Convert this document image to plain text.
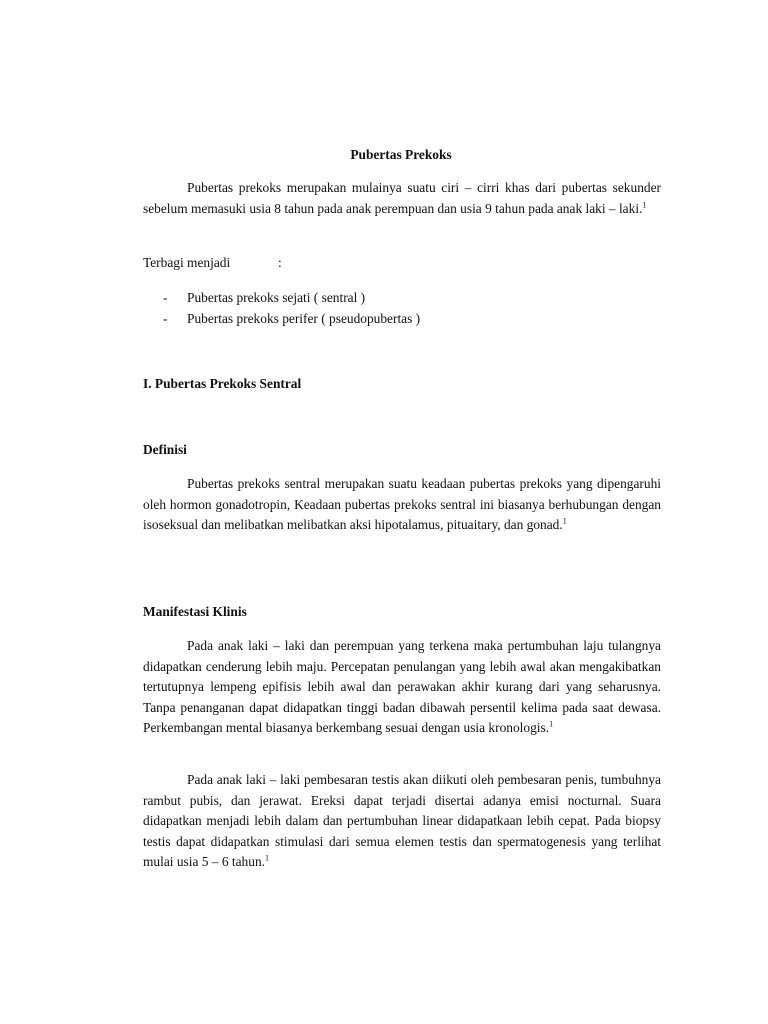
Pubertas Prekoks

Pubertas prekoks merupakan mulainya suatu ciri – cirri khas dari pubertas sekunder sebelum memasuki usia 8 tahun pada anak perempuan dan usia 9 tahun pada anak laki – laki.$^1$

Terbagi menjadi	:
- Pubertas prekoks sejati ( sentral )
- Pubertas prekoks perifer ( pseudopubertas )
I. Pubertas Prekoks Sentral
Definisi

Pubertas prekoks sentral merupakan suatu keadaan pubertas prekoks yang dipengaruhi oleh hormon gonadotropin, Keadaan pubertas prekoks sentral ini biasanya berhubungan dengan isoseksual dan melibatkan melibatkan aksi hipotalamus, pituaitary, dan gonad.$^1$

Manifestasi Klinis

Pada anak laki – laki dan perempuan yang terkena maka pertumbuhan laju tulangnya didapatkan cenderung lebih maju. Percepatan penulangan yang lebih awal akan mengakibatkan tertutupnya lempeng epifisis lebih awal dan perawakan akhir kurang dari yang seharusnya. Tanpa penanganan dapat didapatkan tinggi badan dibawah persentil kelima pada saat dewasa. Perkembangan mental biasanya berkembang sesuai dengan usia kronologis.$^1$

Pada anak laki – laki pembesaran testis akan diikuti oleh pembesaran penis, tumbuhnya rambut pubis, dan jerawat. Ereksi dapat terjadi disertai adanya emisi nocturnal. Suara didapatkan menjadi lebih dalam dan pertumbuhan linear didapatkaan lebih cepat. Pada biopsy testis dapat didapatkan stimulasi dari semua elemen testis dan spermatogenesis yang terlihat mulai usia 5 – 6 tahun.$^1$
